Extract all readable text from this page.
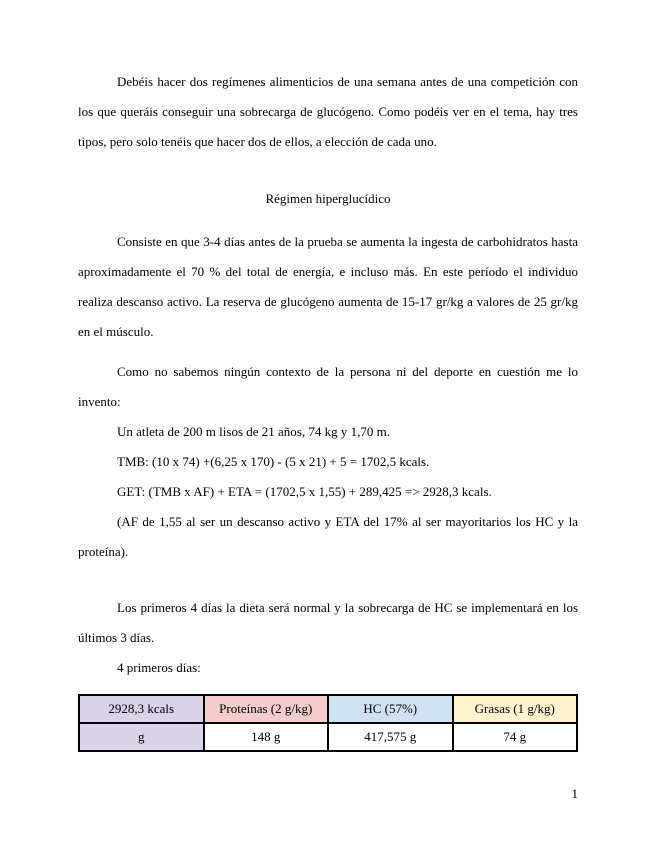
Debéis hacer dos regímenes alimenticios de una semana antes de una competición con los que queráis conseguir una sobrecarga de glucógeno. Como podéis ver en el tema, hay tres tipos, pero solo tenéis que hacer dos de ellos, a elección de cada uno.

Régimen hiperglucídico

Consiste en que 3-4 días antes de la prueba se aumenta la ingesta de carbohidratos hasta aproximadamente el 70 % del total de energía, e incluso más. En este período el individuo realiza descanso activo. La reserva de glucógeno aumenta de 15-17 gr/kg a valores de 25 gr/kg en el músculo.

Como no sabemos ningún contexto de la persona ni del deporte en cuestión me lo invento:

Un atleta de 200 m lisos de 21 años, 74 kg y 1,70 m.

TMB: (10 x 74) +(6,25 x 170) - (5 x 21) + 5 = 1702,5 kcals.

GET: (TMB x AF) + ETA = (1702,5 x 1,55) + 289,425 => 2928,3 kcals.

(AF de 1,55 al ser un descanso activo y ETA del 17% al ser mayoritarios los HC y la proteína).

Los primeros 4 días la dieta será normal y la sobrecarga de HC se implementará en los últimos 3 días.

4 primeros días:

2928,3 kcals	Proteínas (2 g/kg)	HC (57%)	Grasas (1 g/kg)
g	148 g	417,575 g	74 g
1
